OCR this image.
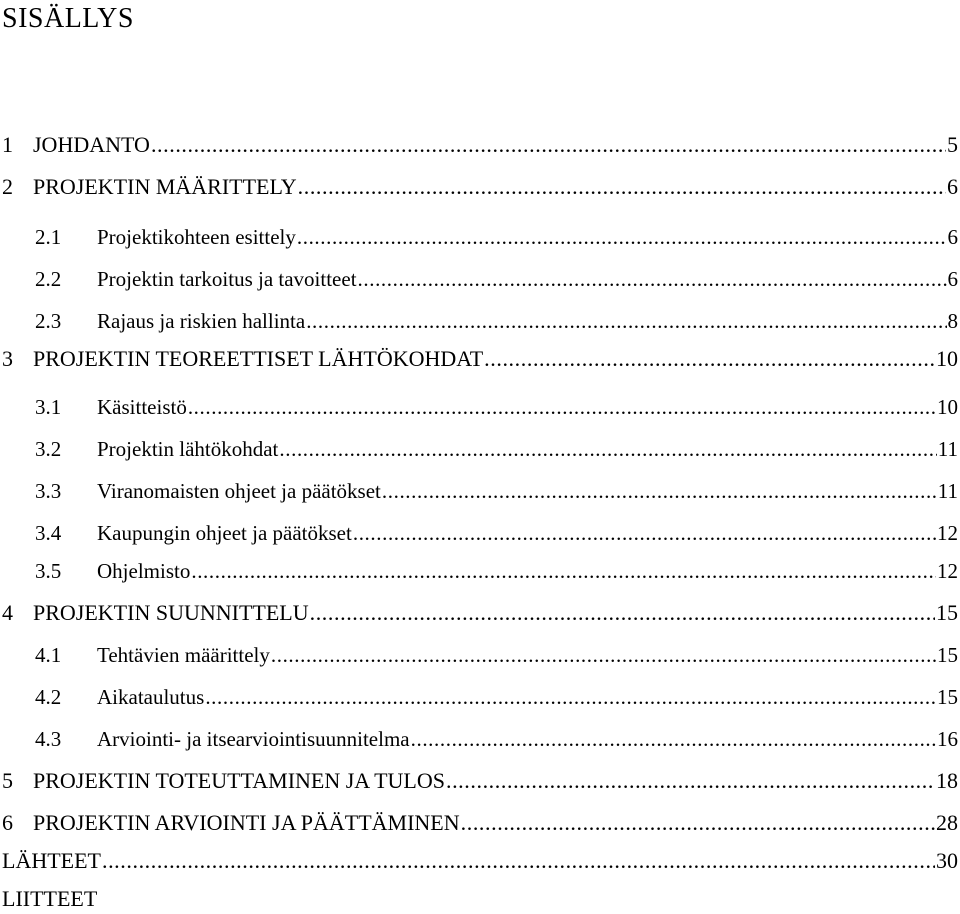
SISÄLLYS
1 JOHDANTO .....	5
2 PROJEKTIN MÄÄRITTELY .....	6
2.1	Projektikohteen esittely .....	6
2.2	Projektin tarkoitus ja tavoitteet .....	6
2.3	Rajaus ja riskien hallinta .....	8
3 PROJEKTIN TEOREETTISET LÄHTÖKOHDAT .....	10
3.1	Käsitteistö .....	10
3.2	Projektin lähtökohdat .....	11
3.3	Viranomaisten ohjeet ja päätökset .....	11
3.4	Kaupungin ohjeet ja päätökset .....	12
3.5	Ohjelmisto .....	12
4 PROJEKTIN SUUNNITTELU .....	15
4.1	Tehtävien määrittely .....	15
4.2	Aikataulutus .....	15
4.3	Arviointi- ja itsearviointisuunnitelma .....	16
5 PROJEKTIN TOTEUTTAMINEN JA TULOS .....	18
6 PROJEKTIN ARVIOINTI JA PÄÄTTÄMINEN .....	28
LÄHTEET .....	30
LIITTEET
